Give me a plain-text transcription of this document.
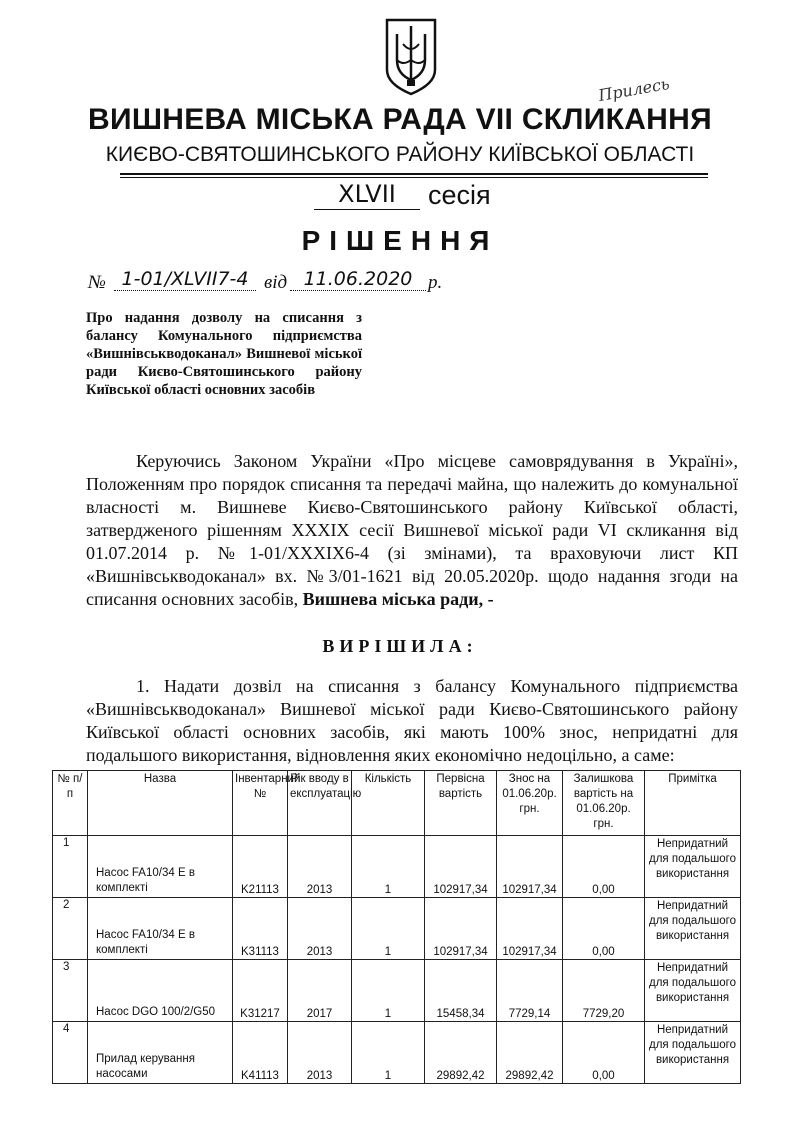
Прилесь
ВИШНЕВА МІСЬКА РАДА VII СКЛИКАННЯ
КИЄВО-СВЯТОШИНСЬКОГО РАЙОНУ КИЇВСЬКОЇ ОБЛАСТІ
XLVII	сесія
РІШЕННЯ
№ 1-01/XLVII7-4 від 11.06.2020 р.
Про надання дозволу на списання з балансу Комунального підприємства «Вишнівськводоканал» Вишневої міської ради Києво-Святошинського району Київської області основних засобів
Керуючись Законом України «Про місцеве самоврядування в Україні», Положенням про порядок списання та передачі майна, що належить до комунальної власності м. Вишневе Києво-Святошинського району Київської області, затвердженого рішенням XXXIX сесії Вишневої міської ради VI скликання від 01.07.2014 р. №1-01/XXXIX6-4 (зі змінами), та враховуючи лист КП «Вишнівськводоканал» вх. №3/01-1621 від 20.05.2020р. щодо надання згоди на списання основних засобів, Вишнева міська ради, -
ВИРІШИЛА:
1. Надати дозвіл на списання з балансу Комунального підприємства «Вишнівськводоканал» Вишневої міської ради Києво-Святошинського району Київської області основних засобів, які мають 100% знос, непридатні для подальшого використання, відновлення яких економічно недоцільно, а саме:
№ п/п	Назва	Інвентарний №	Рік вводу в експлуатацію	Кількість	Первісна вартість	Знос на 01.06.20р. грн.	Залишкова вартість на 01.06.20р. грн.	Примітка
1	Насос FA10/34 E в комплекті	K21113	2013	1	102917,34	102917,34	0,00	Непридатний для подальшого використання
2	Насос FA10/34 E в комплекті	K31113	2013	1	102917,34	102917,34	0,00	Непридатний для подальшого використання
3	Насос DGO 100/2/G50	K31217	2017	1	15458,34	7729,14	7729,20	Непридатний для подальшого використання
4	Прилад керування насосами	K41113	2013	1	29892,42	29892,42	0,00	Непридатний для подальшого використання
